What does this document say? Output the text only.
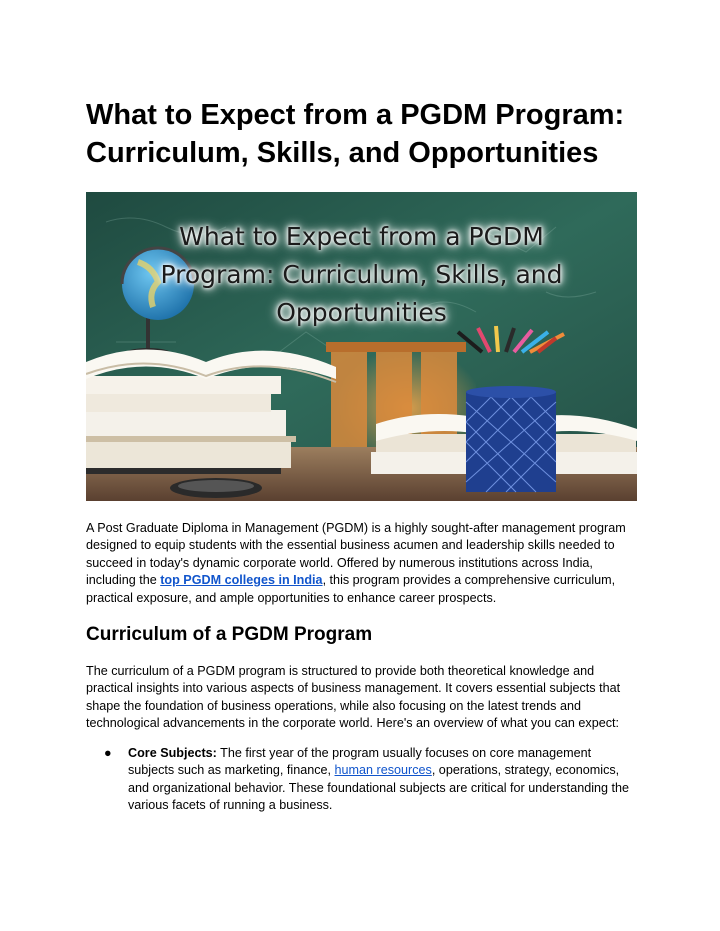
What to Expect from a PGDM Program: Curriculum, Skills, and Opportunities
What to Expect from a PGDM
Program: Curriculum, Skills, and
Opportunities

A Post Graduate Diploma in Management (PGDM) is a highly sought-after management program designed to equip students with the essential business acumen and leadership skills needed to succeed in today's dynamic corporate world. Offered by numerous institutions across India, including the top PGDM colleges in India, this program provides a comprehensive curriculum, practical exposure, and ample opportunities to enhance career prospects.

Curriculum of a PGDM Program

The curriculum of a PGDM program is structured to provide both theoretical knowledge and practical insights into various aspects of business management. It covers essential subjects that shape the foundation of business operations, while also focusing on the latest trends and technological advancements in the corporate world. Here's an overview of what you can expect:

● Core Subjects: The first year of the program usually focuses on core management subjects such as marketing, finance, human resources, operations, strategy, economics, and organizational behavior. These foundational subjects are critical for understanding the various facets of running a business.
